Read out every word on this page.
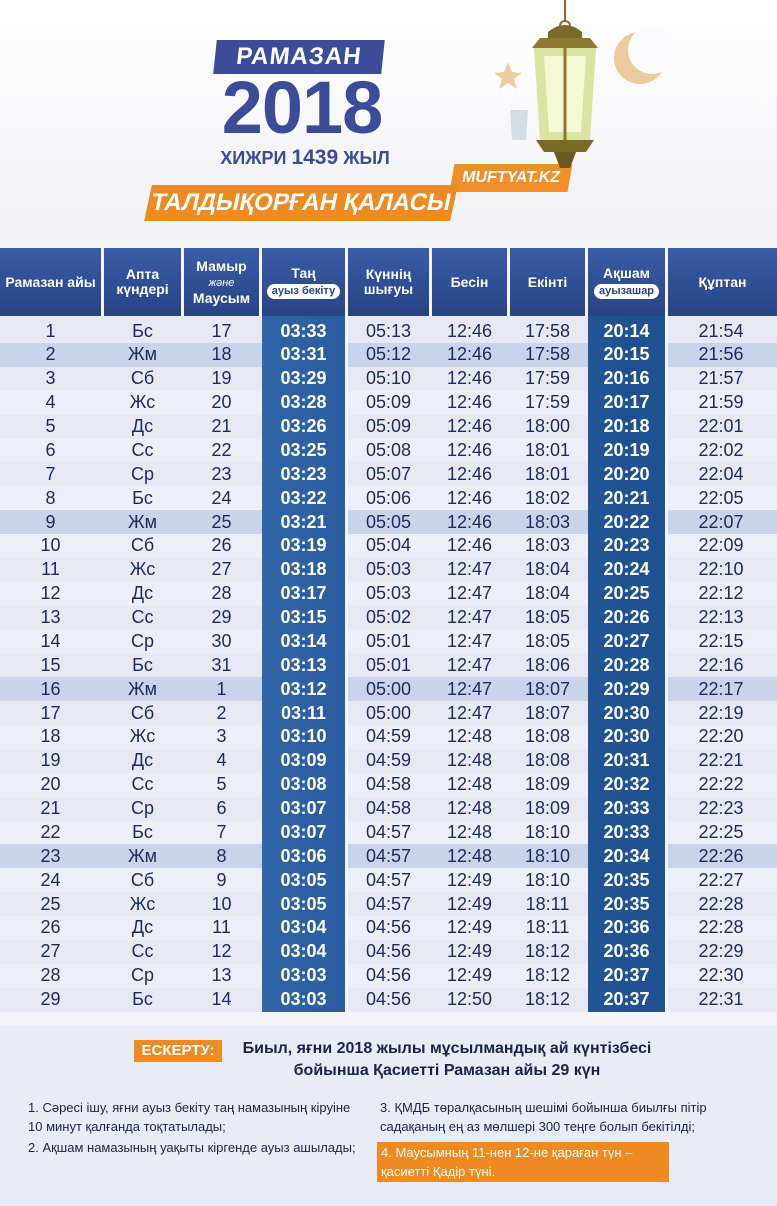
РАМАЗАН
2018
ХИЖРИ 1439 ЖЫЛ
MUFTYAT.KZ
ТАЛДЫҚОРҒАН ҚАЛАСЫ
Рамазан айы	Апта күндері	Мамыр
және
Маусым	Таң
ауыз бекіту	Күннің шығуы	Бесін	Екінті	Ақшам
ауызашар	Құптан
1	Бс	17	03:33	05:13	12:46	17:58	20:14	21:54
2	Жм	18	03:31	05:12	12:46	17:58	20:15	21:56
3	Сб	19	03:29	05:10	12:46	17:59	20:16	21:57
4	Жс	20	03:28	05:09	12:46	17:59	20:17	21:59
5	Дс	21	03:26	05:09	12:46	18:00	20:18	22:01
6	Сс	22	03:25	05:08	12:46	18:01	20:19	22:02
7	Ср	23	03:23	05:07	12:46	18:01	20:20	22:04
8	Бс	24	03:22	05:06	12:46	18:02	20:21	22:05
9	Жм	25	03:21	05:05	12:46	18:03	20:22	22:07
10	Сб	26	03:19	05:04	12:46	18:03	20:23	22:09
11	Жс	27	03:18	05:03	12:47	18:04	20:24	22:10
12	Дс	28	03:17	05:03	12:47	18:04	20:25	22:12
13	Сс	29	03:15	05:02	12:47	18:05	20:26	22:13
14	Ср	30	03:14	05:01	12:47	18:05	20:27	22:15
15	Бс	31	03:13	05:01	12:47	18:06	20:28	22:16
16	Жм	1	03:12	05:00	12:47	18:07	20:29	22:17
17	Сб	2	03:11	05:00	12:47	18:07	20:30	22:19
18	Жс	3	03:10	04:59	12:48	18:08	20:30	22:20
19	Дс	4	03:09	04:59	12:48	18:08	20:31	22:21
20	Сс	5	03:08	04:58	12:48	18:09	20:32	22:22
21	Ср	6	03:07	04:58	12:48	18:09	20:33	22:23
22	Бс	7	03:07	04:57	12:48	18:10	20:33	22:25
23	Жм	8	03:06	04:57	12:48	18:10	20:34	22:26
24	Сб	9	03:05	04:57	12:49	18:10	20:35	22:27
25	Жс	10	03:05	04:57	12:49	18:11	20:35	22:28
26	Дс	11	03:04	04:56	12:49	18:11	20:36	22:28
27	Сс	12	03:04	04:56	12:49	18:12	20:36	22:29
28	Ср	13	03:03	04:56	12:49	18:12	20:37	22:30
29	Бс	14	03:03	04:56	12:50	18:12	20:37	22:31
ЕСКЕРТУ:	Биыл, яғни 2018 жылы мұсылмандық ай күнтізбесі бойынша Қасиетті Рамазан айы 29 күн
1. Сәресі ішу, яғни ауыз бекіту таң намазының кіруіне 10 минут қалғанда тоқтатылады;
2. Ақшам намазының уақыты кіргенде ауыз ашылады;
3. ҚМДБ төралқасының шешімі бойынша биылғы пітір садақаның ең аз мөлшері 300 теңге болып бекітілді;
4. Маусымның 11-нен 12-не қараған түн – қасиетті Қадір түні.
